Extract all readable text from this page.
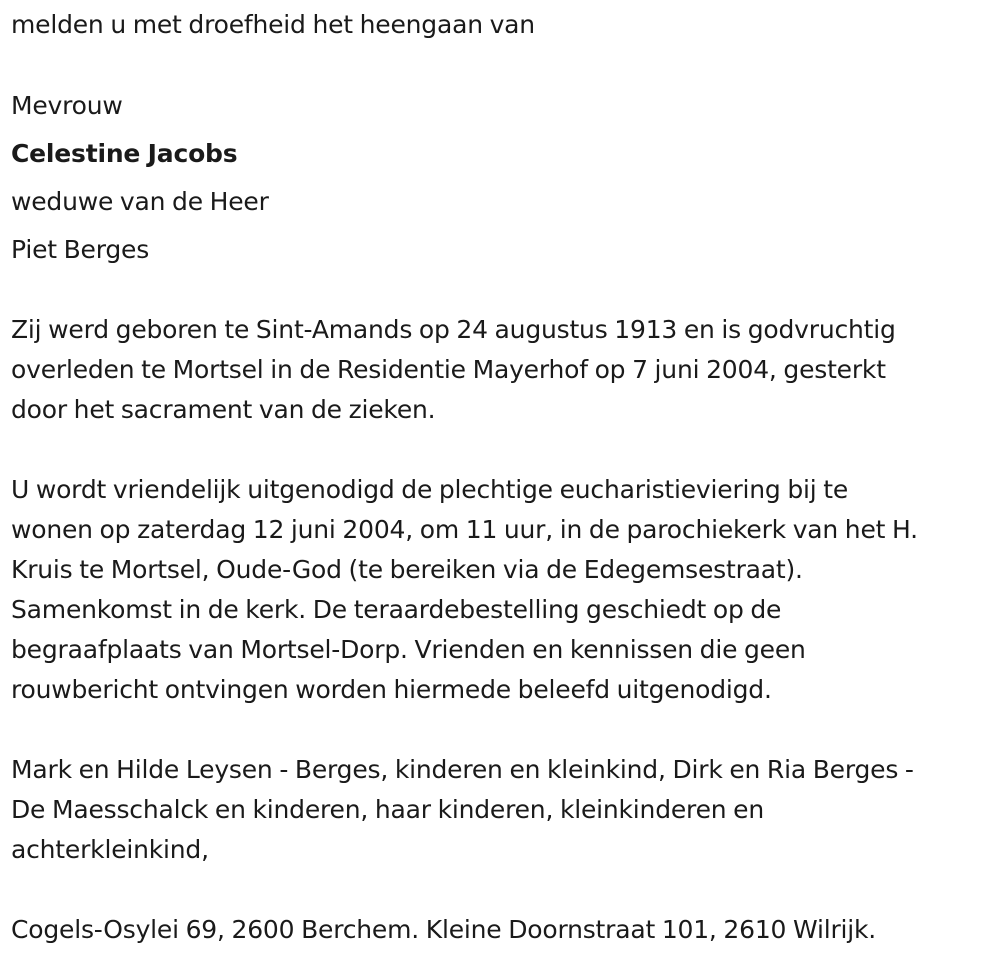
melden u met droefheid het heengaan van
Mevrouw
Celestine Jacobs
weduwe van de Heer
Piet Berges
Zij werd geboren te Sint-Amands op 24 augustus 1913 en is godvruchtig
overleden te Mortsel in de Residentie Mayerhof op 7 juni 2004, gesterkt
door het sacrament van de zieken.
U wordt vriendelijk uitgenodigd de plechtige eucharistieviering bij te
wonen op zaterdag 12 juni 2004, om 11 uur, in de parochiekerk van het H.
Kruis te Mortsel, Oude-God (te bereiken via de Edegemsestraat).
Samenkomst in de kerk. De teraardebestelling geschiedt op de
begraafplaats van Mortsel-Dorp. Vrienden en kennissen die geen
rouwbericht ontvingen worden hiermede beleefd uitgenodigd.
Mark en Hilde Leysen - Berges, kinderen en kleinkind, Dirk en Ria Berges -
De Maesschalck en kinderen, haar kinderen, kleinkinderen en
achterkleinkind,
Cogels-Osylei 69, 2600 Berchem. Kleine Doornstraat 101, 2610 Wilrijk.
